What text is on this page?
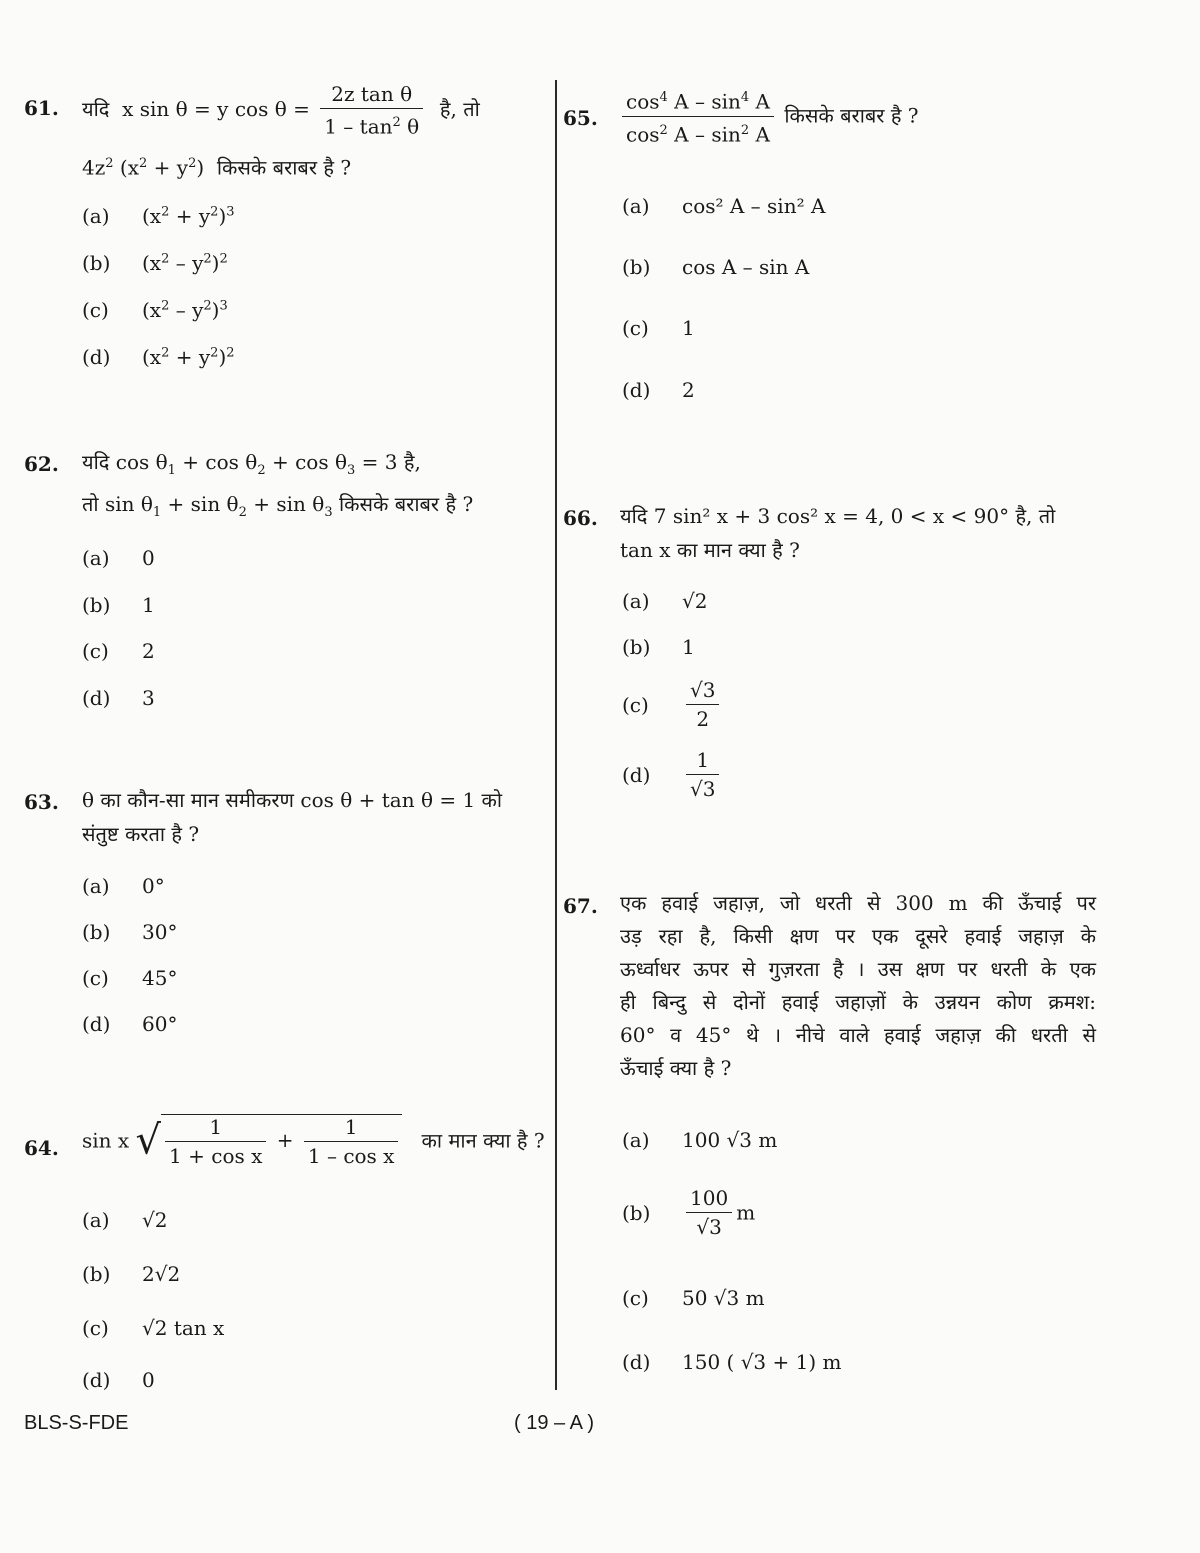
61. यदि x sin θ = y $\cos \theta = \frac{\text{2z tan θ}}{1 - \tan^2 \theta}$ है, तो
$4z^2$ $(x^2 + y^2)$ किसके बराबर है ?
(a) $(x^2 + y^2)^3$
(b) $(x^2 - y^2)^2$
(c) $(x^2 - y^2)^3$
(d) $(x^2 + y^2)^2$
62. यदि $\cos \theta_1 + \cos \theta_2 + \cos \theta_3 = 3$ है,
तो $\sin \theta_1 + \sin \theta_2 + \sin \theta_3$ किसके बराबर है ?
(a) 0
(b) 1
(c) 2
(d) 3
63. θ का कौन-सा मान समीकरण cos θ + tan θ = 1 को
संतुष्ट करता है ?
(a) 0°
(b) 30°
(c) 45°
(d) 60°
64. sin x √ $\frac{1}{\text{1 + cos x}} + \frac{1}{\text{1 – cos x}}$ का मान क्या है ?
(a) √2
(b) 2√2
(c) √2 tan x
(d) 0
65. $\frac{\cos^4 A - \sin^4 A}{\cos^2 A - \sin^2 A}$ किसके बराबर है ?
(a) cos² A – sin² A
(b) cos A – sin A
(c) 1
(d) 2
66. यदि 7 sin² x + 3 cos² x = 4, 0 < x < 90° है, तो
tan x का मान क्या है ?
(a) √2
(b) 1
$(c) \frac{√3}{2}$
$(d) \frac{1}{√3}$
67. एक हवाई जहाज़, जो धरती से 300 m की ऊँचाई पर
उड़ रहा है, किसी क्षण पर एक दूसरे हवाई जहाज़ के
ऊर्ध्वाधर ऊपर से गुज़रता है । उस क्षण पर धरती के एक
ही बिन्दु से दोनों हवाई जहाज़ों के उन्नयन कोण क्रमश:
60° व 45° थे । नीचे वाले हवाई जहाज़ की धरती से
ऊँचाई क्या है ?
(a) 100 √3 m
$(b) \frac{100}{√3}$ m
(c) 50 √3 m
(d) 150 ( √3 + 1) m
BLS-S-FDE	( 19 – A )
